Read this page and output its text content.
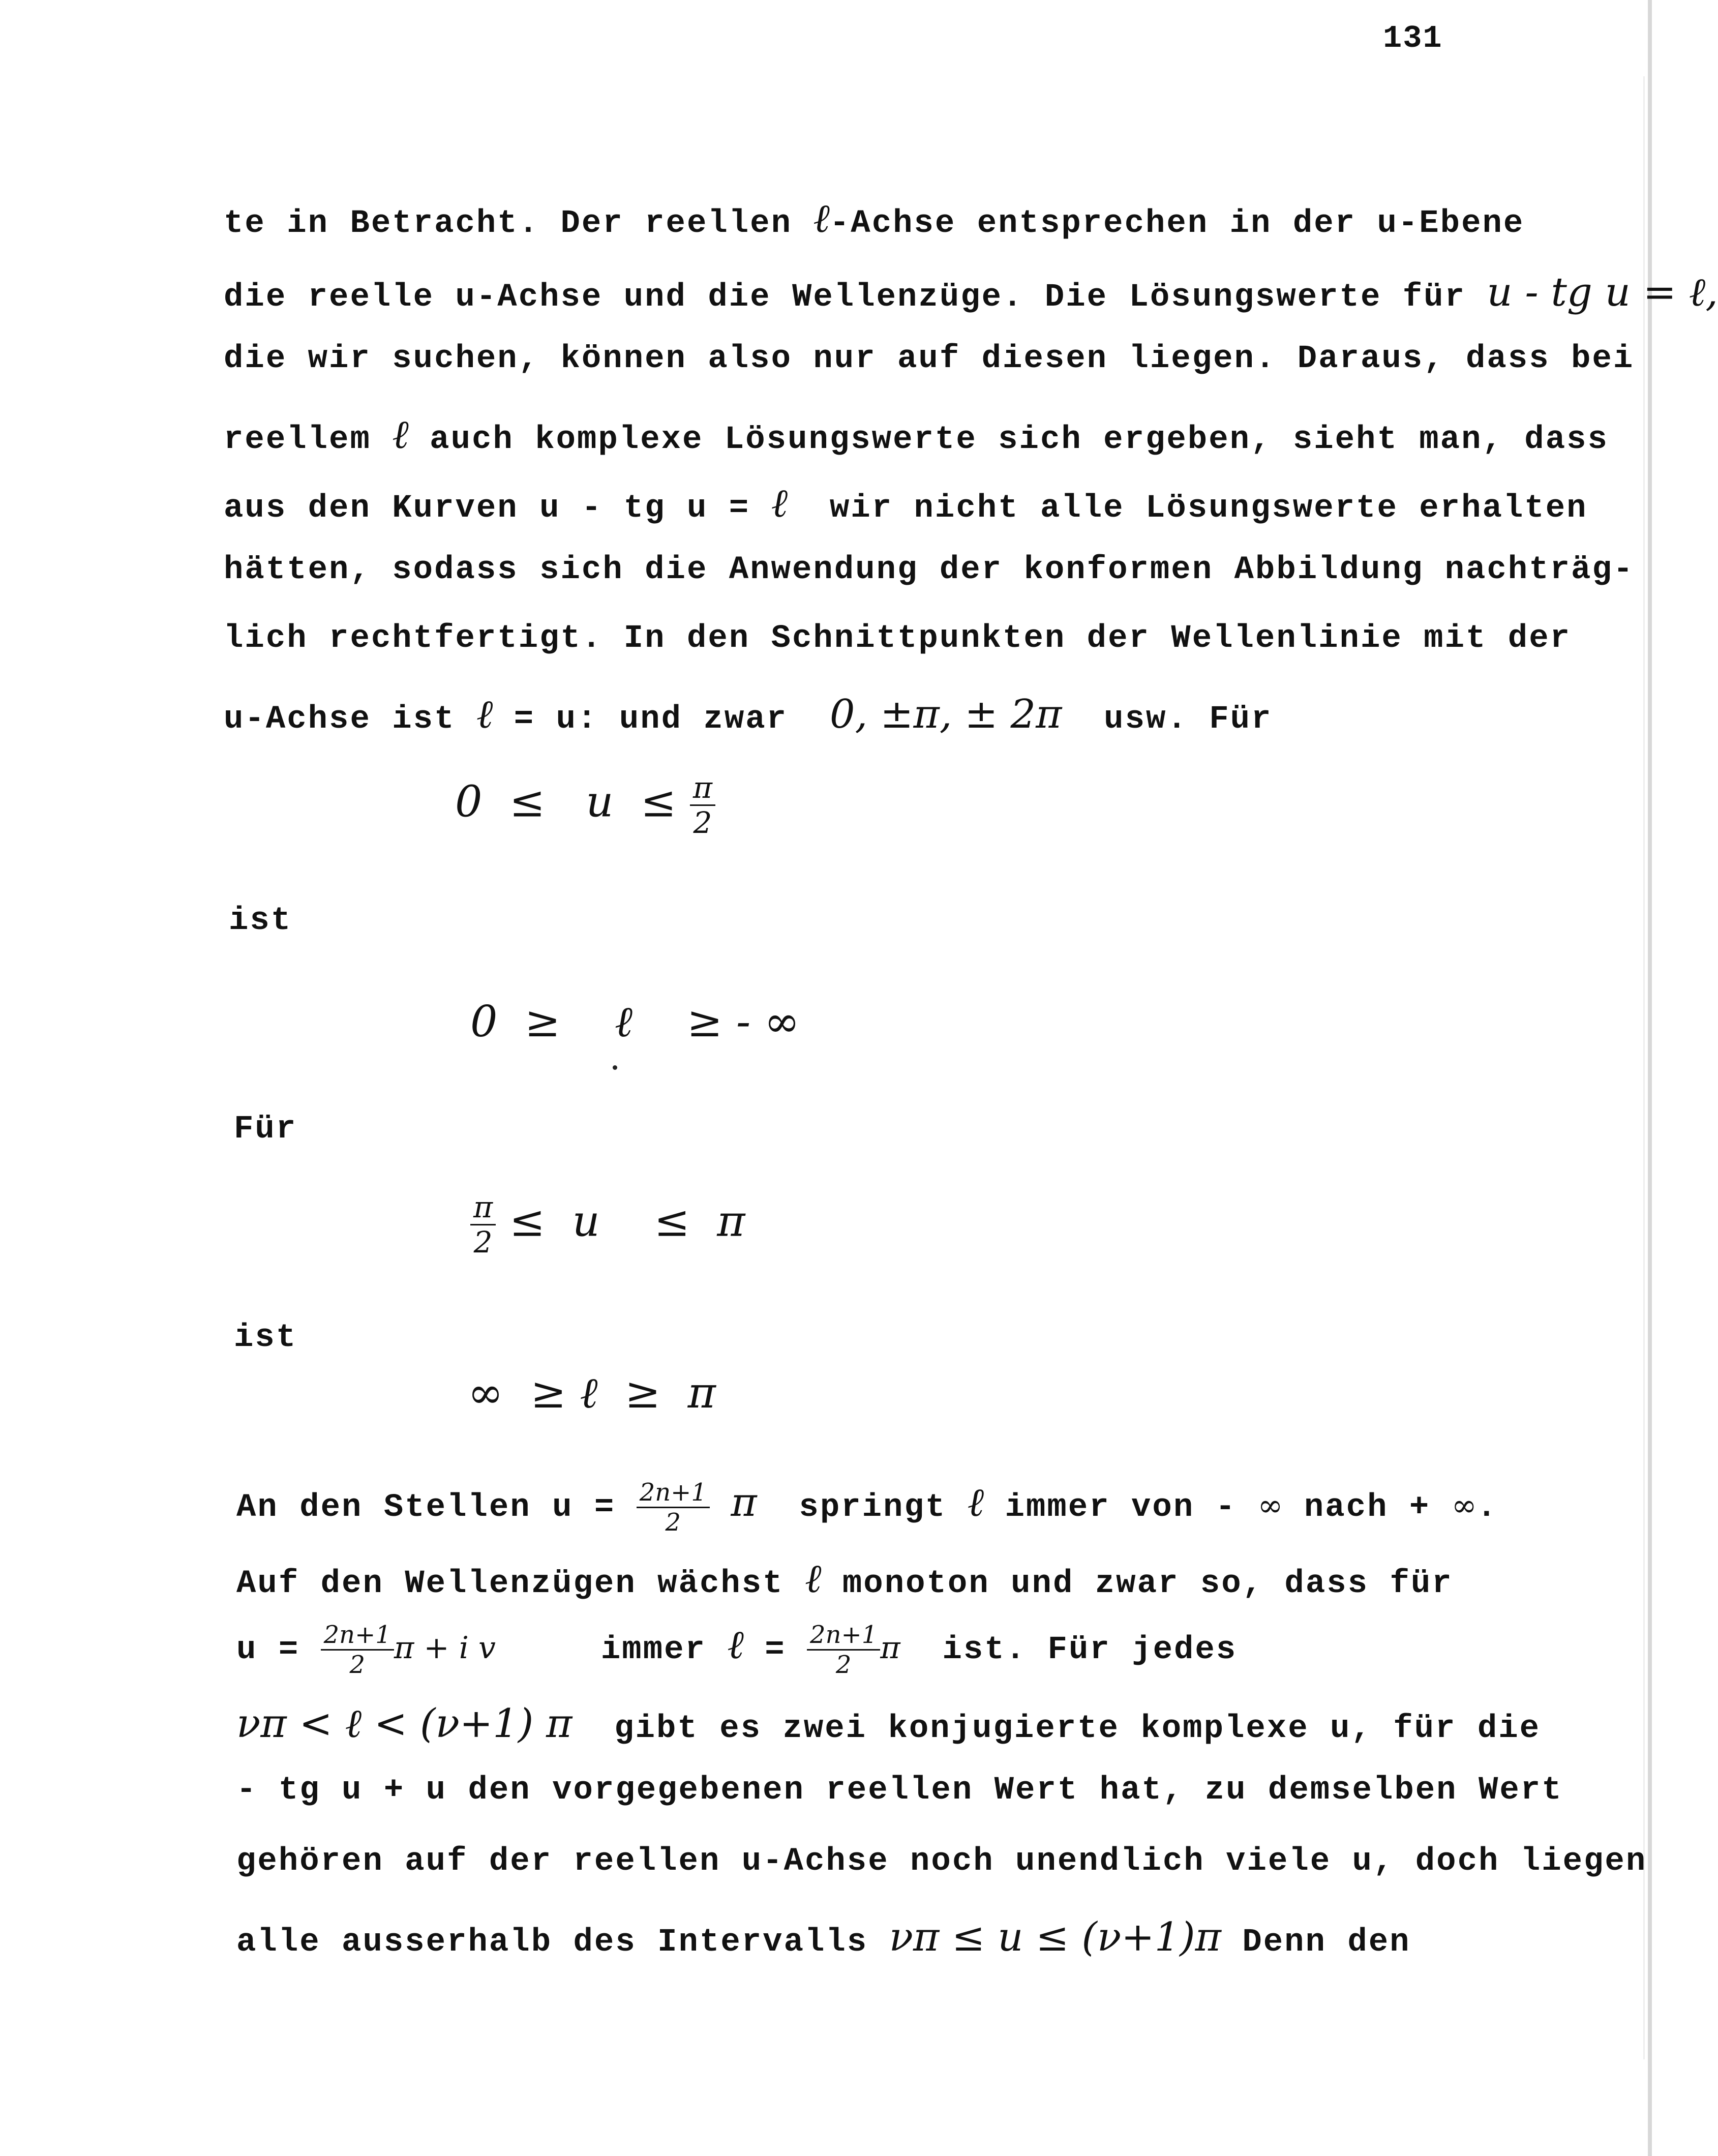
131
te in Betracht. Der reellen ℓ-Achse entsprechen in der u-Ebene
die reelle u-Achse und die Wellenzüge. Die Lösungswerte für u - tg u = ℓ,
die wir suchen, können also nur auf diesen liegen. Daraus, dass bei
reellem ℓ auch komplexe Lösungswerte sich ergeben, sieht man, dass
aus den Kurven u - tg u = ℓ  wir nicht alle Lösungswerte erhalten
hätten, sodass sich die Anwendung der konformen Abbildung nachträg-
lich rechtfertigt. In den Schnittpunkten der Wellenlinie mit der
u-Achse ist ℓ = u: und zwar  0, ±π, ± 2π  usw. Für
$0 \le u \le \frac{\pi}{2}$
ist
0  ≥    ℓ    ≥ - ∞
Für
$\frac{\pi}{2} \le u$    ≤  π
ist
∞  ≥ ℓ  ≥  π
An den Stellen $u = \frac{2n+1}{2}$ π  springt ℓ immer von - ∞ nach + ∞.
Auf den Wellenzügen wächst ℓ monoton und zwar so, dass für
$u = \frac{2n+1}{2}$ π + i v     immer ℓ = $\frac{2n+1}{2}$ π  ist. Für jedes
νπ < ℓ < (ν+1) π  gibt es zwei konjugierte komplexe u, für die
- tg u + u den vorgegebenen reellen Wert hat, zu demselben Wert
gehören auf der reellen u-Achse noch unendlich viele u, doch liegen
alle ausserhalb des Intervalls νπ ≤ u ≤ (ν+1)π Denn den
